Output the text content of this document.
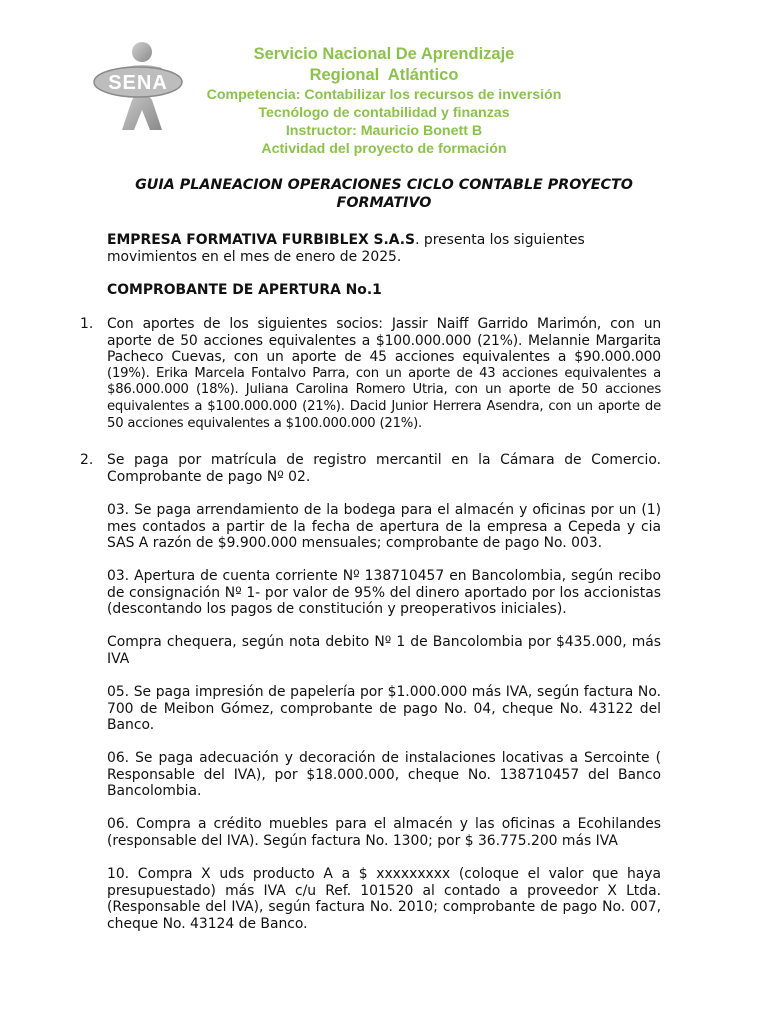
SENA
Servicio Nacional De Aprendizaje
Regional  Atlántico
Competencia: Contabilizar los recursos de inversión
Tecnólogo de contabilidad y finanzas
Instructor: Mauricio Bonett B
Actividad del proyecto de formación
GUIA PLANEACION OPERACIONES CICLO CONTABLE PROYECTO
FORMATIVO
EMPRESA FORMATIVA FURBIBLEX S.A.S. presenta los siguientes movimientos en el mes de enero de 2025.
COMPROBANTE DE APERTURA No.1
1. Con aportes de los siguientes socios: Jassir Naiff Garrido Marimón, con un
aporte de 50 acciones equivalentes a $100.000.000 (21%). Melannie Margarita
Pacheco Cuevas, con un aporte de 45 acciones equivalentes a $90.000.000
(19%). Erika Marcela Fontalvo Parra, con un aporte de 43 acciones equivalentes a
$86.000.000 (18%). Juliana Carolina Romero Utria, con un aporte de 50 acciones
equivalentes a $100.000.000 (21%). Dacid Junior Herrera Asendra, con un aporte de
50 acciones equivalentes a $100.000.000 (21%).
2. Se paga por matrícula de registro mercantil en la Cámara de Comercio. Comprobante de pago Nº 02.
03. Se paga arrendamiento de la bodega para el almacén y oficinas por un (1) mes contados a partir de la fecha de apertura de la empresa a Cepeda y cia SAS A razón de $9.900.000 mensuales; comprobante de pago No. 003.
03. Apertura de cuenta corriente Nº 138710457 en Bancolombia, según recibo de consignación Nº 1- por valor de 95% del dinero aportado por los accionistas (descontando los pagos de constitución y preoperativos iniciales).
Compra chequera, según nota debito Nº 1 de Bancolombia por $435.000, más IVA
05. Se paga impresión de papelería por $1.000.000 más IVA, según factura No. 700 de Meibon Gómez, comprobante de pago No. 04, cheque No. 43122 del Banco.
06. Se paga adecuación y decoración de instalaciones locativas a Sercointe ( Responsable del IVA), por $18.000.000, cheque No. 138710457 del Banco Bancolombia.
06. Compra a crédito muebles para el almacén y las oficinas a Ecohilandes (responsable del IVA). Según factura No. 1300; por $ 36.775.200 más IVA
10. Compra X uds producto A a $ xxxxxxxxx (coloque el valor que haya presupuestado) más IVA c/u Ref. 101520 al contado a proveedor X Ltda. (Responsable del IVA), según factura No. 2010; comprobante de pago No. 007, cheque No. 43124 de Banco.
